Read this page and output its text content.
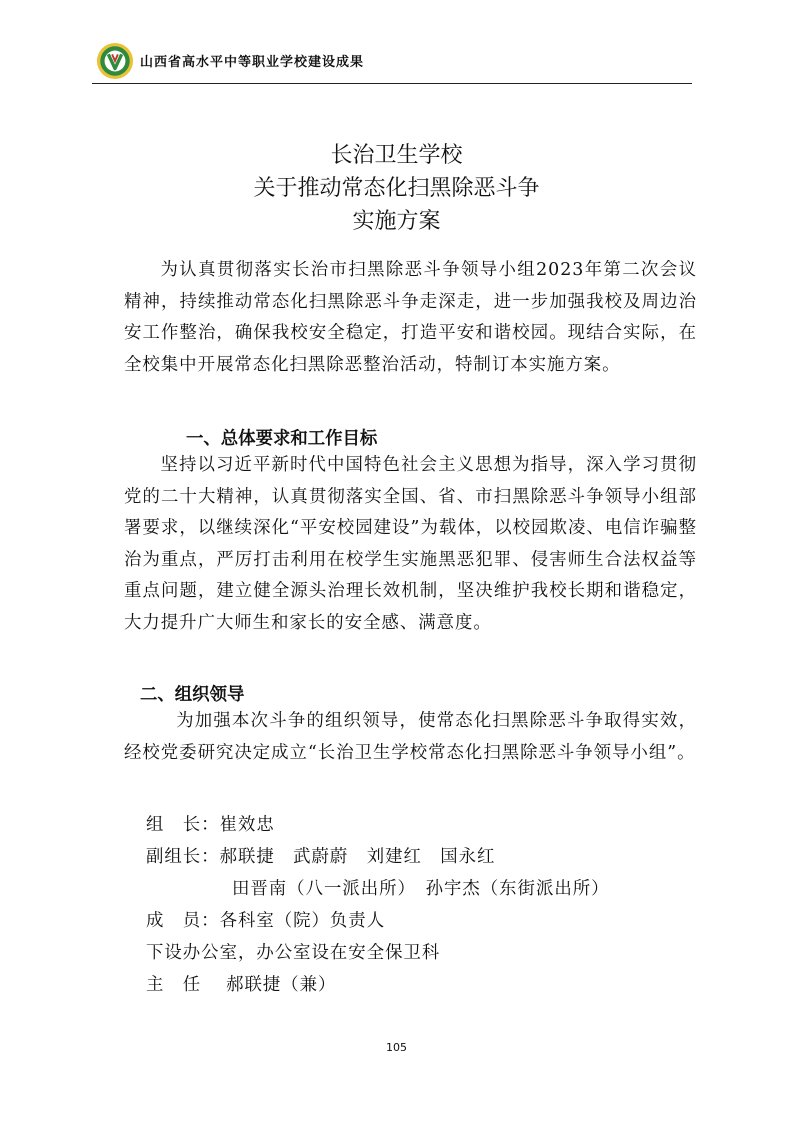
山西省高水平中等职业学校建设成果
长治卫生学校
关于推动常态化扫黑除恶斗争
实施方案

为认真贯彻落实长治市扫黑除恶斗争领导小组2023年第二次会议精神，持续推动常态化扫黑除恶斗争走深走，进一步加强我校及周边治安工作整治，确保我校安全稳定，打造平安和谐校园。现结合实际，在全校集中开展常态化扫黑除恶整治活动，特制订本实施方案。

一、总体要求和工作目标

坚持以习近平新时代中国特色社会主义思想为指导，深入学习贯彻党的二十大精神，认真贯彻落实全国、省、市扫黑除恶斗争领导小组部署要求，以继续深化“平安校园建设”为载体，以校园欺凌、电信诈骗整治为重点，严厉打击利用在校学生实施黑恶犯罪、侵害师生合法权益等重点问题，建立健全源头治理长效机制，坚决维护我校长期和谐稳定，大力提升广大师生和家长的安全感、满意度。

二、组织领导

为加强本次斗争的组织领导，使常态化扫黑除恶斗争取得实效，经校党委研究决定成立“长治卫生学校常态化扫黑除恶斗争领导小组”。

组　长：崔效忠
副组长：郝联捷　武蔚蔚　刘建红　国永红
田晋南（八一派出所）　孙宇杰（东街派出所）
成　员：各科室（院）负责人
下设办公室，办公室设在安全保卫科
主　任　 郝联捷（兼）
105
